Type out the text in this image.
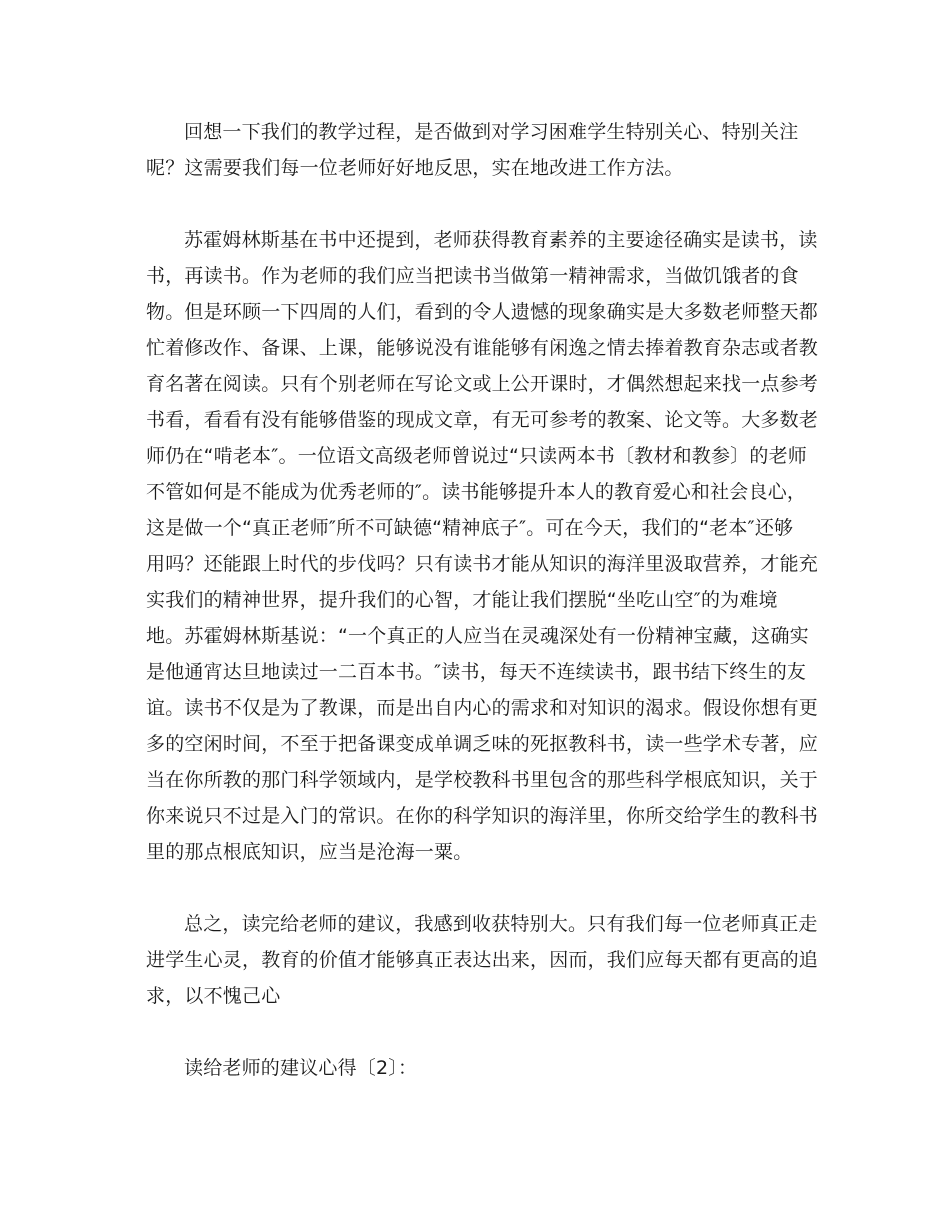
回想一下我们的教学过程，是否做到对学习困难学生特别关心、特别关注
呢？这需要我们每一位老师好好地反思，实在地改进工作方法。

苏霍姆林斯基在书中还提到，老师获得教育素养的主要途径确实是读书，读
书，再读书。作为老师的我们应当把读书当做第一精神需求，当做饥饿者的食
物。但是环顾一下四周的人们，看到的令人遗憾的现象确实是大多数老师整天都
忙着修改作、备课、上课，能够说没有谁能够有闲逸之情去捧着教育杂志或者教
育名著在阅读。只有个别老师在写论文或上公开课时，才偶然想起来找一点参考
书看，看看有没有能够借鉴的现成文章，有无可参考的教案、论文等。大多数老
师仍在“啃老本″。一位语文高级老师曾说过“只读两本书〔教材和教参〕的老师
不管如何是不能成为优秀老师的″。读书能够提升本人的教育爱心和社会良心，
这是做一个“真正老师″所不可缺德“精神底子″。可在今天，我们的“老本″还够
用吗？还能跟上时代的步伐吗？只有读书才能从知识的海洋里汲取营养，才能充
实我们的精神世界，提升我们的心智，才能让我们摆脱“坐吃山空″的为难境
地。苏霍姆林斯基说：“一个真正的人应当在灵魂深处有一份精神宝藏，这确实
是他通宵达旦地读过一二百本书。″读书，每天不连续读书，跟书结下终生的友
谊。读书不仅是为了教课，而是出自内心的需求和对知识的渴求。假设你想有更
多的空闲时间，不至于把备课变成单调乏味的死抠教科书，读一些学术专著，应
当在你所教的那门科学领域内，是学校教科书里包含的那些科学根底知识，关于
你来说只不过是入门的常识。在你的科学知识的海洋里，你所交给学生的教科书
里的那点根底知识，应当是沧海一粟。

总之，读完给老师的建议，我感到收获特别大。只有我们每一位老师真正走
进学生心灵，教育的价值才能够真正表达出来，因而，我们应每天都有更高的追
求，以不愧己心

读给老师的建议心得〔2〕：
